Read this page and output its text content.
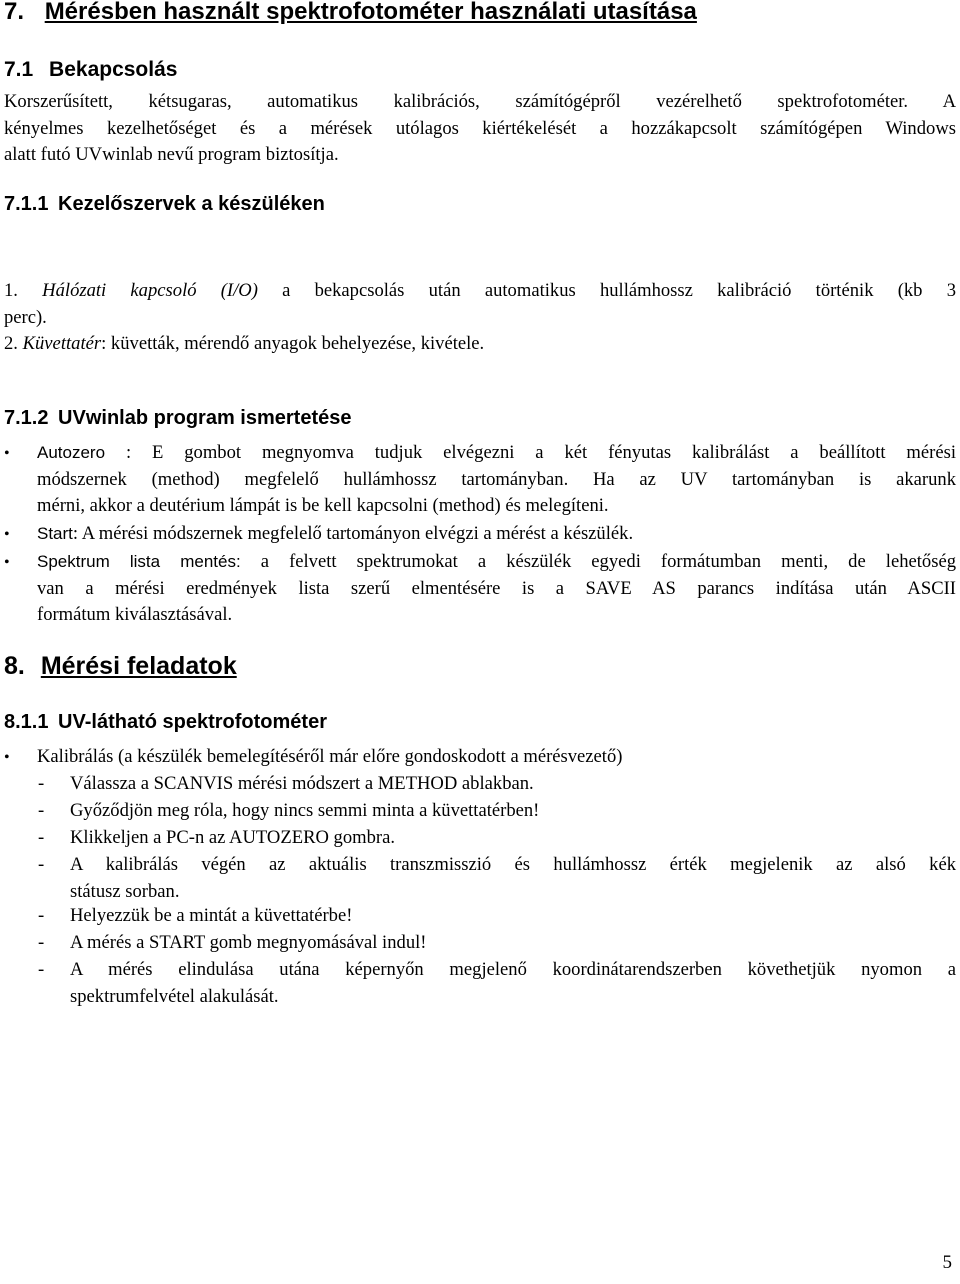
7. Mérésben használt spektrofotométer használati utasítása
7.1 Bekapcsolás
Korszerűsített, kétsugaras, automatikus kalibrációs, számítógépről vezérelhető spektrofotométer. A
kényelmes kezelhetőséget és a mérések utólagos kiértékelését a hozzákapcsolt számítógépen Windows
alatt futó UVwinlab nevű program biztosítja.
7.1.1 Kezelőszervek a készüléken
1. Hálózati kapcsoló (I/O) a bekapcsolás után automatikus hullámhossz kalibráció történik (kb 3
perc).
2. Küvettatér: küvetták, mérendő anyagok behelyezése, kivétele.
7.1.2 UVwinlab program ismertetése
• Autozero : E gombot megnyomva tudjuk elvégezni a két fényutas kalibrálást a beállított mérési
módszernek (method) megfelelő hullámhossz tartományban. Ha az UV tartományban is akarunk
mérni, akkor a deutérium lámpát is be kell kapcsolni (method) és melegíteni.
• Start: A mérési módszernek megfelelő tartományon elvégzi a mérést a készülék.
• Spektrum lista mentés: a felvett spektrumokat a készülék egyedi formátumban menti, de lehetőség
van a mérési eredmények lista szerű elmentésére is a SAVE AS parancs indítása után ASCII
formátum kiválasztásával.
8. Mérési feladatok
8.1.1 UV-látható spektrofotométer
• Kalibrálás (a készülék bemelegítéséről már előre gondoskodott a mérésvezető)
- Válassza a SCANVIS mérési módszert a METHOD ablakban.
- Győződjön meg róla, hogy nincs semmi minta a küvettatérben!
- Klikkeljen a PC-n az AUTOZERO gombra.
- A kalibrálás végén az aktuális transzmisszió és hullámhossz érték megjelenik az alsó kék
státusz sorban.
- Helyezzük be a mintát a küvettatérbe!
- A mérés a START gomb megnyomásával indul!
- A mérés elindulása utána képernyőn megjelenő koordinátarendszerben követhetjük nyomon a
spektrumfelvétel alakulását.
5
